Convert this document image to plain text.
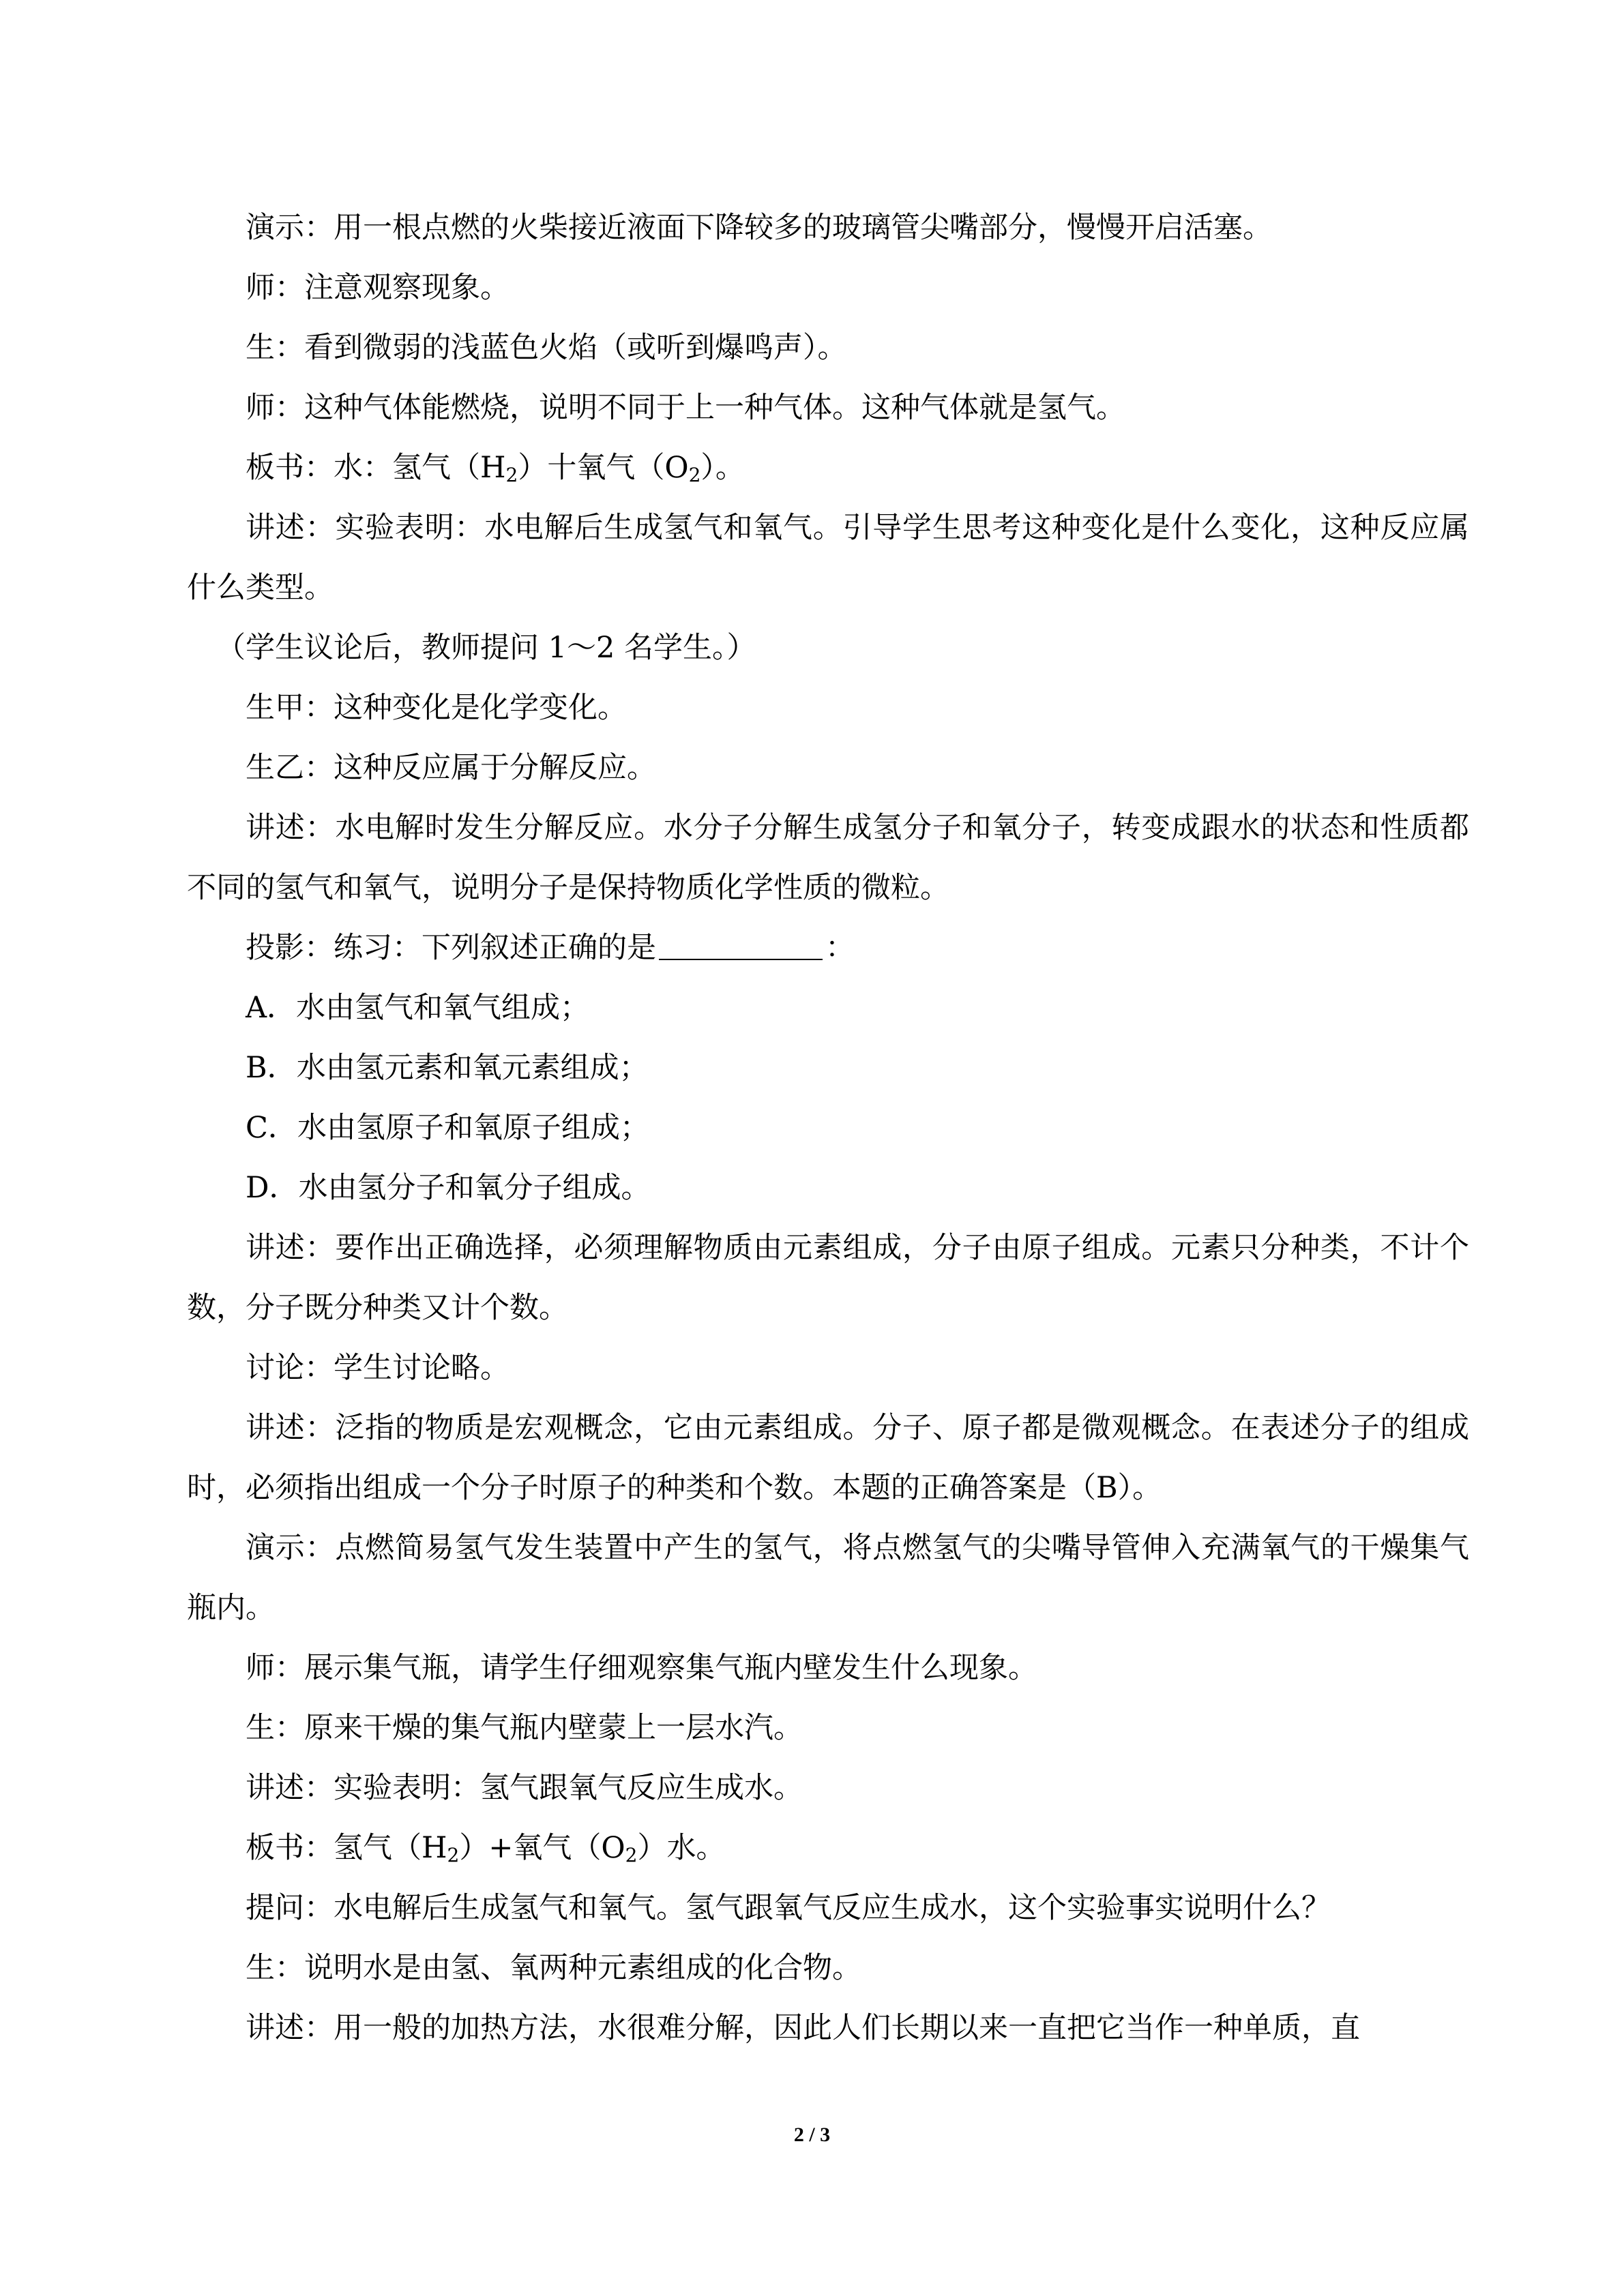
演示：用一根点燃的火柴接近液面下降较多的玻璃管尖嘴部分，慢慢开启活塞。

师：注意观察现象。

生：看到微弱的浅蓝色火焰（或听到爆鸣声）。

师：这种气体能燃烧，说明不同于上一种气体。这种气体就是氢气。

板书：水：氢气$(H_2)$十氧气$(O_2)$。

讲述：实验表明：水电解后生成氢气和氧气。引导学生思考这种变化是什么变化，这种反应属什么类型。

（学生议论后，教师提问 1～2 名学生。）

生甲：这种变化是化学变化。

生乙：这种反应属于分解反应。

讲述：水电解时发生分解反应。水分子分解生成氢分子和氧分子，转变成跟水的状态和性质都不同的氢气和氧气，说明分子是保持物质化学性质的微粒。

投影：练习：下列叙述正确的是	：

A．水由氢气和氧气组成；

B．水由氢元素和氧元素组成；

C．水由氢原子和氧原子组成；

D．水由氢分子和氧分子组成。

讲述：要作出正确选择，必须理解物质由元素组成，分子由原子组成。元素只分种类，不计个数，分子既分种类又计个数。

讨论：学生讨论略。

讲述：泛指的物质是宏观概念，它由元素组成。分子、原子都是微观概念。在表述分子的组成时，必须指出组成一个分子时原子的种类和个数。本题的正确答案是（B）。

演示：点燃简易氢气发生装置中产生的氢气，将点燃氢气的尖嘴导管伸入充满氧气的干燥集气瓶内。

师：展示集气瓶，请学生仔细观察集气瓶内壁发生什么现象。

生：原来干燥的集气瓶内壁蒙上一层水汽。

讲述：实验表明：氢气跟氧气反应生成水。

板书：氢气$(H_2)+$氧气$(O_2)$水。

提问：水电解后生成氢气和氧气。氢气跟氧气反应生成水，这个实验事实说明什么？

生：说明水是由氢、氧两种元素组成的化合物。

讲述：用一般的加热方法，水很难分解，因此人们长期以来一直把它当作一种单质，直

2 / 3
